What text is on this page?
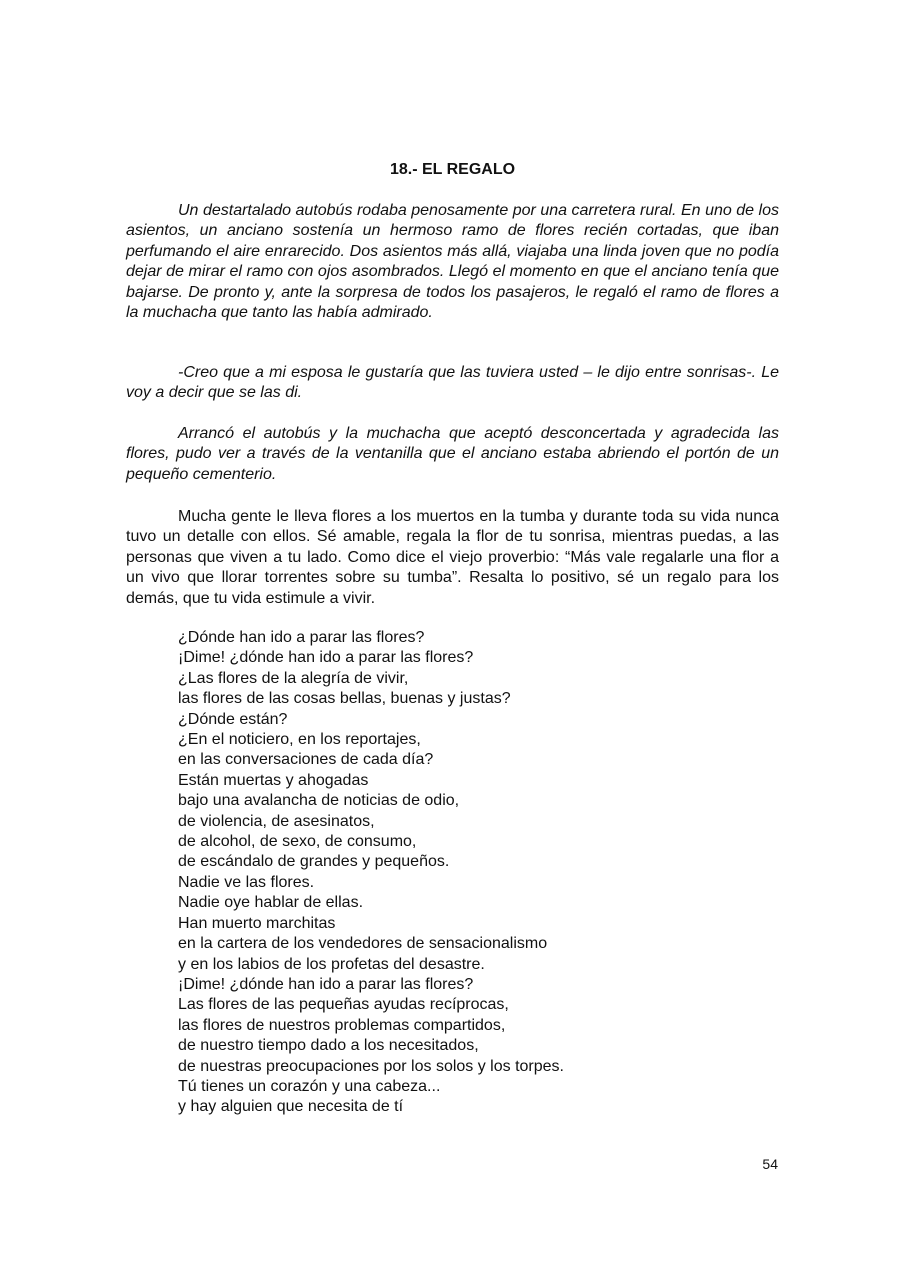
18.- EL REGALO

Un destartalado autobús rodaba penosamente por una carretera rural. En uno de los asientos, un anciano sostenía un hermoso ramo de flores recién cortadas, que iban perfumando el aire enrarecido. Dos asientos más allá, viajaba una linda joven que no podía dejar de mirar el ramo con ojos asombrados. Llegó el momento en que el anciano tenía que bajarse. De pronto y, ante la sorpresa de todos los pasajeros, le regaló el ramo de flores a la muchacha que tanto las había admirado.

-Creo que a mi esposa le gustaría que las tuviera usted – le dijo entre sonrisas-. Le voy a decir que se las di.

Arrancó el autobús y la muchacha que aceptó desconcertada y agradecida las flores, pudo ver a través de la ventanilla que el anciano estaba abriendo el portón de un pequeño cementerio.

Mucha gente le lleva flores a los muertos en la tumba y durante toda su vida nunca tuvo un detalle con ellos. Sé amable, regala la flor de tu sonrisa, mientras puedas, a las personas que viven a tu lado. Como dice el viejo proverbio: “Más vale regalarle una flor a un vivo que llorar torrentes sobre su tumba”. Resalta lo positivo, sé un regalo para los demás, que tu vida estimule a vivir.

¿Dónde han ido a parar las flores?
¡Dime! ¿dónde han ido a parar las flores?
¿Las flores de la alegría de vivir,
las flores de las cosas bellas, buenas y justas?
¿Dónde están?
¿En el noticiero, en los reportajes,
en las conversaciones de cada día?
Están muertas y ahogadas
bajo una avalancha de noticias de odio,
de violencia, de asesinatos,
de alcohol, de sexo, de consumo,
de escándalo de grandes y pequeños.
Nadie ve las flores.
Nadie oye hablar de ellas.
Han muerto marchitas
en la cartera de los vendedores de sensacionalismo
y en los labios de los profetas del desastre.
¡Dime! ¿dónde han ido a parar las flores?
Las flores de las pequeñas ayudas recíprocas,
las flores de nuestros problemas compartidos,
de nuestro tiempo dado a los necesitados,
de nuestras preocupaciones por los solos y los torpes.
Tú tienes un corazón y una cabeza...
y hay alguien que necesita de tí
54
